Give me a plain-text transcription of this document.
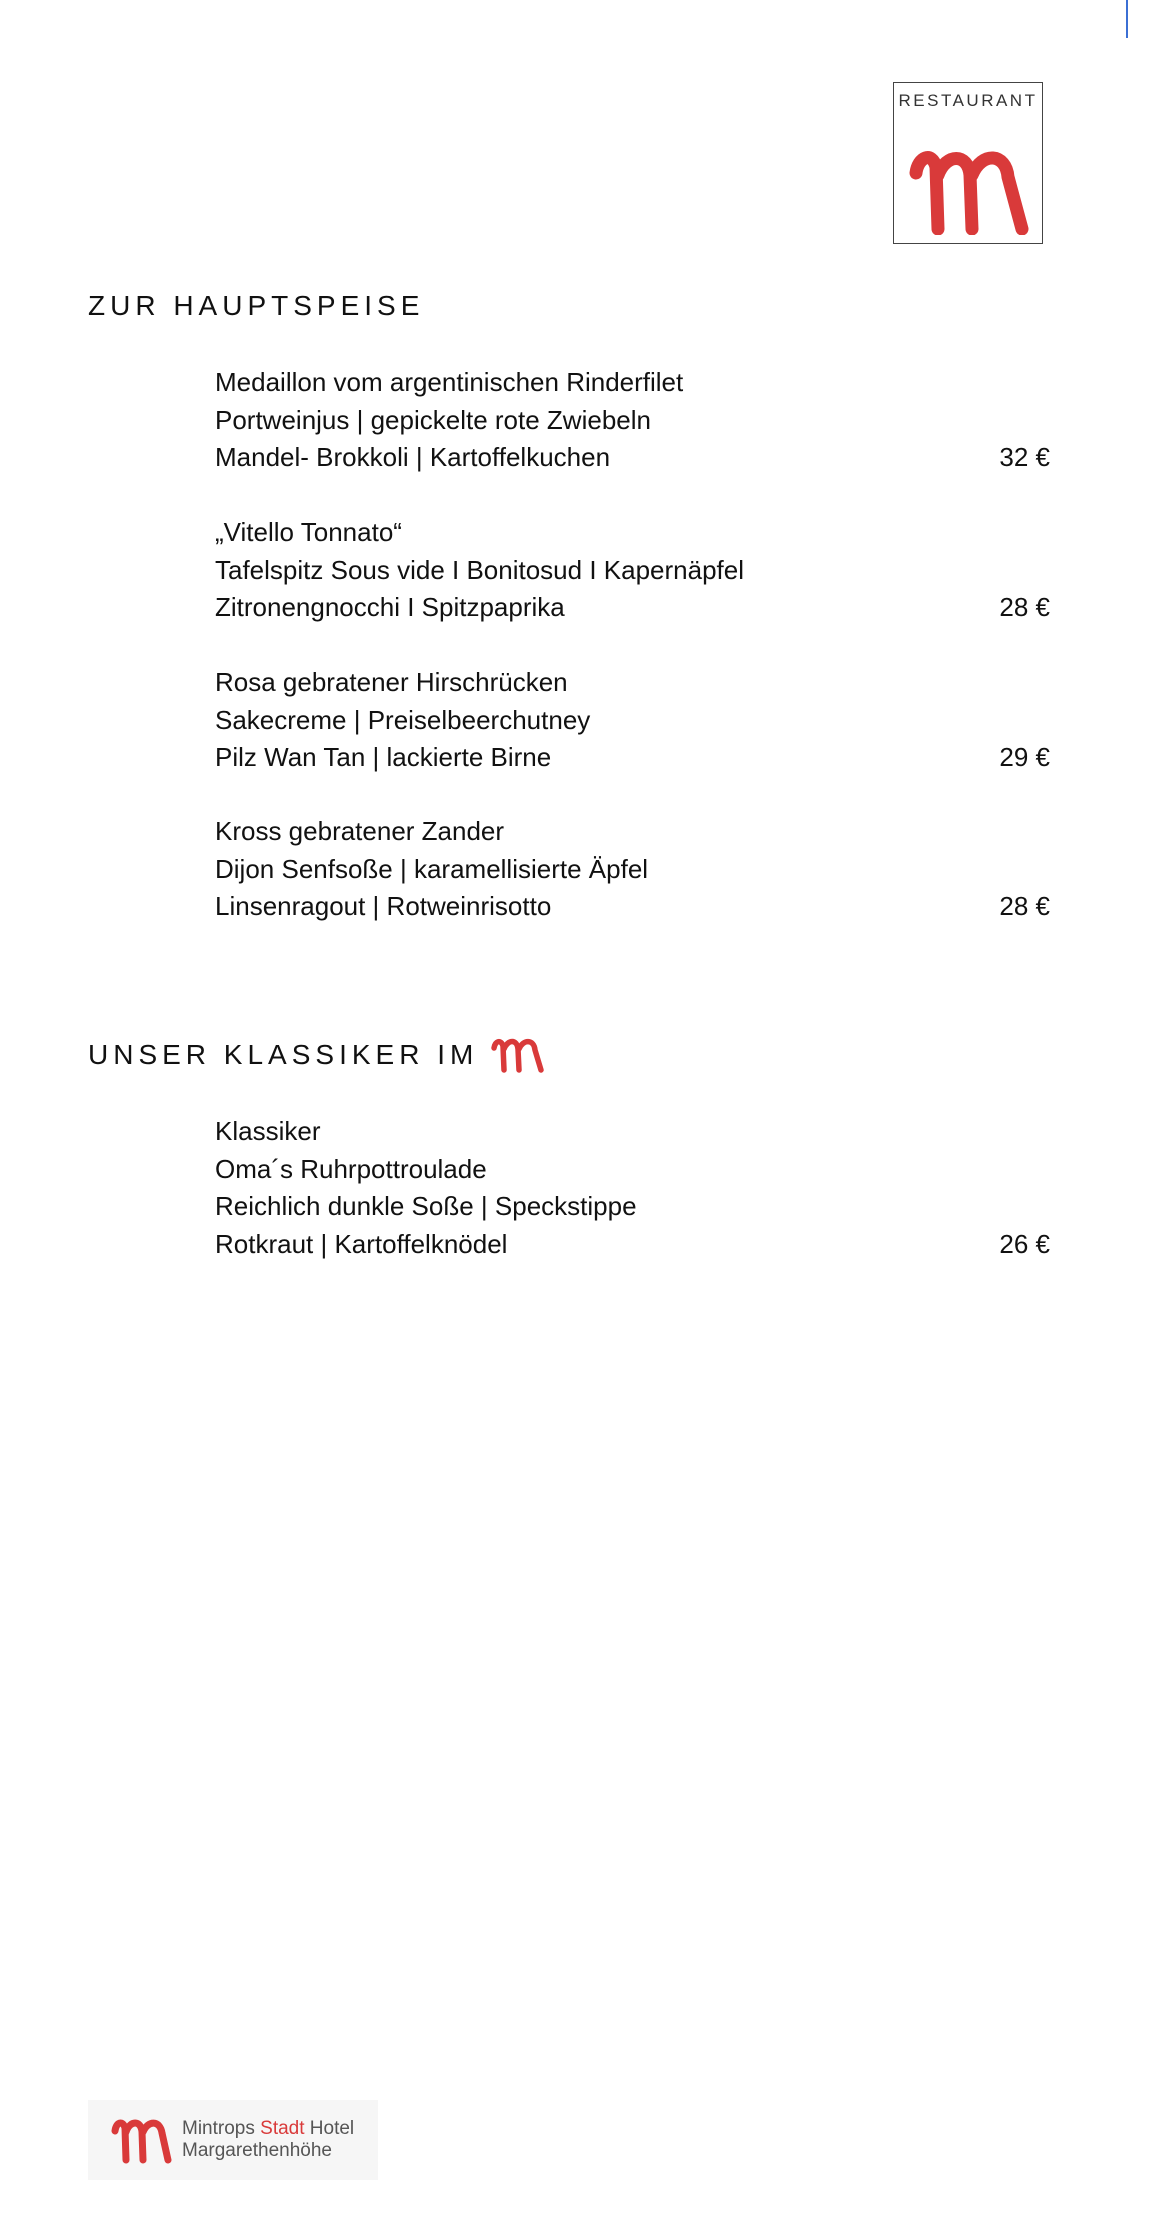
RESTAURANT
ZUR HAUPTSPEISE
Medaillon vom argentinischen Rinderfilet
Portweinjus | gepickelte rote Zwiebeln
Mandel- Brokkoli | Kartoffelkuchen	32 €
„Vitello Tonnato“
Tafelspitz Sous vide I Bonitosud I Kapernäpfel
Zitronengnocchi I Spitzpaprika	28 €
Rosa gebratener Hirschrücken
Sakecreme | Preiselbeerchutney
Pilz Wan Tan | lackierte Birne	29 €
Kross gebratener Zander
Dijon Senfsoße | karamellisierte Äpfel
Linsenragout | Rotweinrisotto	28 €
UNSER KLASSIKER IM
Klassiker
Oma´s Ruhrpottroulade
Reichlich dunkle Soße | Speckstippe
Rotkraut | Kartoffelknödel	26 €
Mintrops Stadt Hotel
Margarethenhöhe
